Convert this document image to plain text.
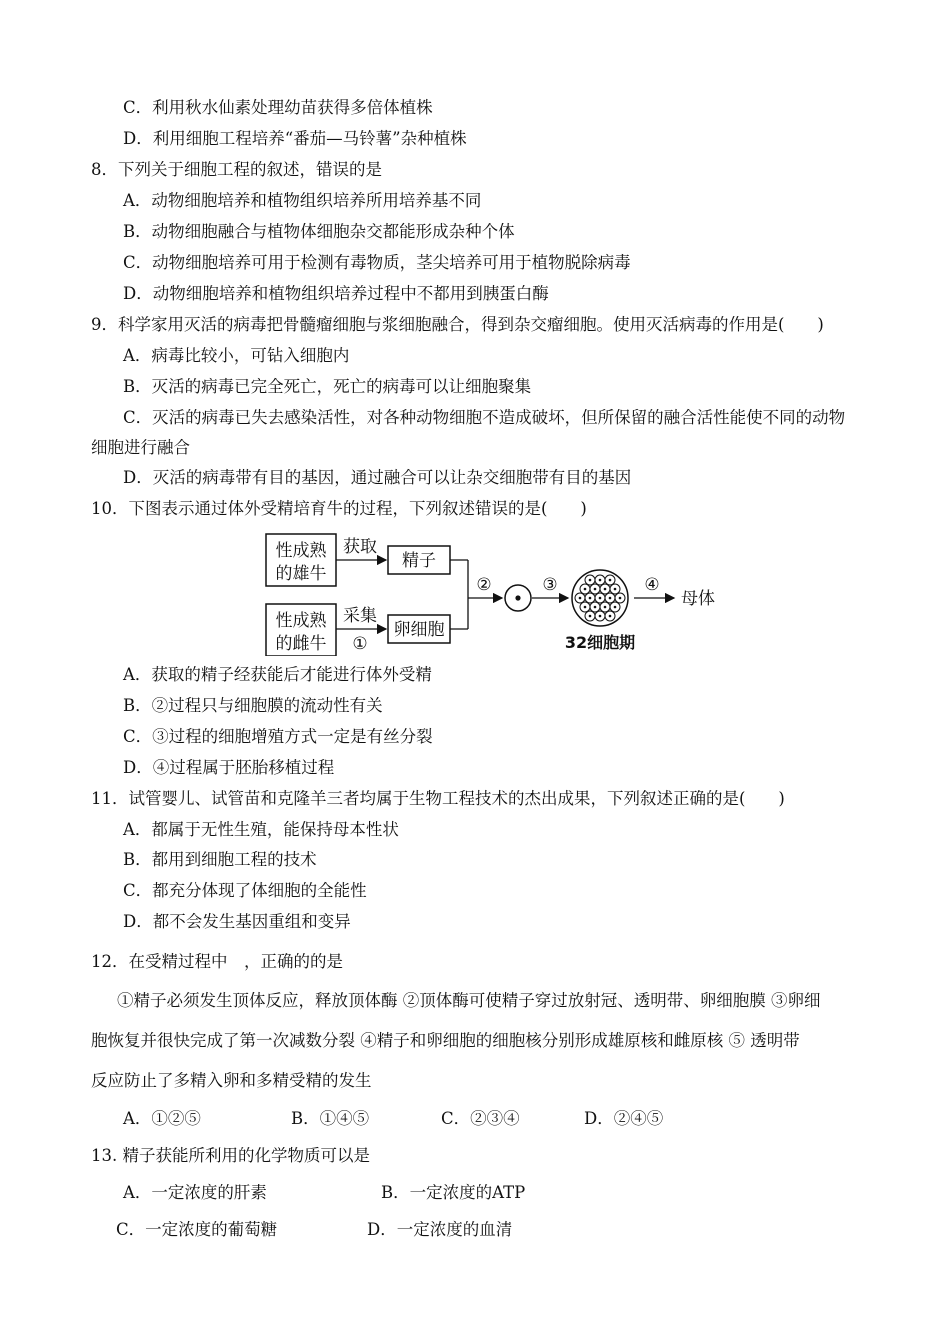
C．利用秋水仙素处理幼苗获得多倍体植株
D．利用细胞工程培养“番茄—马铃薯”杂种植株
8．下列关于细胞工程的叙述，错误的是
A．动物细胞培养和植物组织培养所用培养基不同
B．动物细胞融合与植物体细胞杂交都能形成杂种个体
C．动物细胞培养可用于检测有毒物质，茎尖培养可用于植物脱除病毒
D．动物细胞培养和植物组织培养过程中不都用到胰蛋白酶
9．科学家用灭活的病毒把骨髓瘤细胞与浆细胞融合，得到杂交瘤细胞。使用灭活病毒的作用是(　　)
A．病毒比较小，可钻入细胞内
B．灭活的病毒已完全死亡，死亡的病毒可以让细胞聚集
C．灭活的病毒已失去感染活性，对各种动物细胞不造成破坏，但所保留的融合活性能使不同的动物
细胞进行融合
D．灭活的病毒带有目的基因，通过融合可以让杂交细胞带有目的基因
10．下图表示通过体外受精培育牛的过程，下列叙述错误的是(　　)
性成熟
的雄牛
性成熟
的雌牛
获取
采集
①
精子
卵细胞
②	③
32细胞期
④
母体
A．获取的精子经获能后才能进行体外受精
B．②过程只与细胞膜的流动性有关
C．③过程的细胞增殖方式一定是有丝分裂
D．④过程属于胚胎移植过程
11．试管婴儿、试管苗和克隆羊三者均属于生物工程技术的杰出成果，下列叙述正确的是(　　)
A．都属于无性生殖，能保持母本性状
B．都用到细胞工程的技术
C．都充分体现了体细胞的全能性
D．都不会发生基因重组和变异
12．在受精过程中　，正确的的是
①精子必须发生顶体反应，释放顶体酶 ②顶体酶可使精子穿过放射冠、透明带、卵细胞膜 ③卵细
胞恢复并很快完成了第一次减数分裂 ④精子和卵细胞的细胞核分别形成雄原核和雌原核 ⑤ 透明带
反应防止了多精入卵和多精受精的发生
A．①②⑤	B．①④⑤	C．②③④	D．②④⑤
13. 精子获能所利用的化学物质可以是
A．一定浓度的肝素	B．一定浓度的ATP
C．一定浓度的葡萄糖	D．一定浓度的血清
